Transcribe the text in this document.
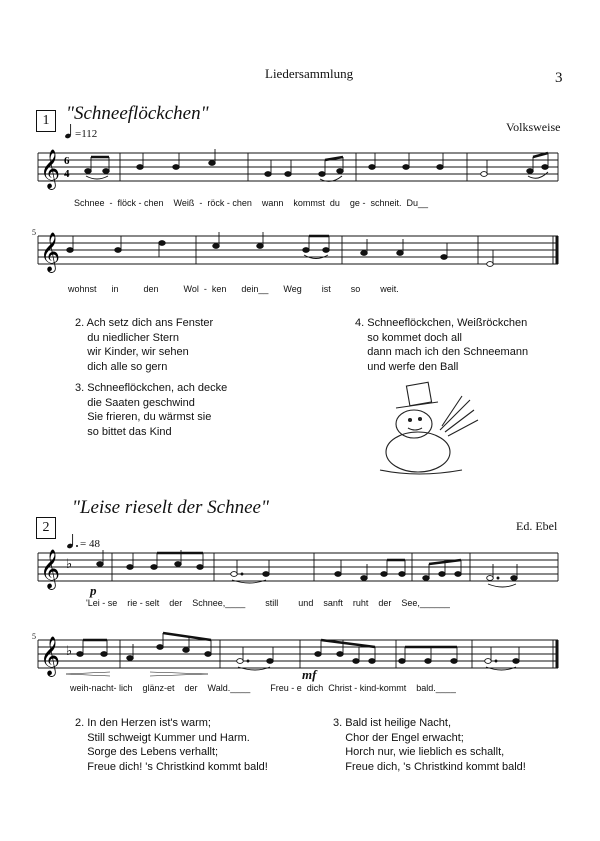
Liedersammlung	3
1 "Schneeflöckchen"
Volksweise
=112
𝄞 6
4
𝄞
𝄞 ♭
𝄞 ♭
5
Schnee  -  flöck - chen    Weiß  -  röck - chen    wann    kommst  du    ge -  schneit.  Du__
wohnst      in          den          Wol  -  ken      dein__      Weg        ist        so        weit.
2. Ach setz dich ans Fenster
du niedlicher Stern
wir Kinder, wir sehen
dich alle so gern
3. Schneeflöckchen, ach decke
die Saaten geschwind
Sie frieren, du wärmst sie
so bittet das Kind
4. Schneeflöckchen, Weißröckchen
so kommet doch all
dann mach ich den Schneemann
und werfe den Ball
2
"Leise rieselt der Schnee"
Ed. Ebel
= 48
p
5
mf
'Lei - se    rie - selt    der    Schnee,____        still        und    sanft    ruht    der    See,______
weih-nacht- lich    glänz-et    der    Wald.____        Freu - e  dich  Christ - kind-kommt    bald.____
2. In den Herzen ist's warm;
Still schweigt Kummer und Harm.
Sorge des Lebens verhallt;
Freue dich! 's Christkind kommt bald!
3. Bald ist heilige Nacht,
Chor der Engel erwacht;
Horch nur, wie lieblich es schallt,
Freue dich, 's Christkind kommt bald!
